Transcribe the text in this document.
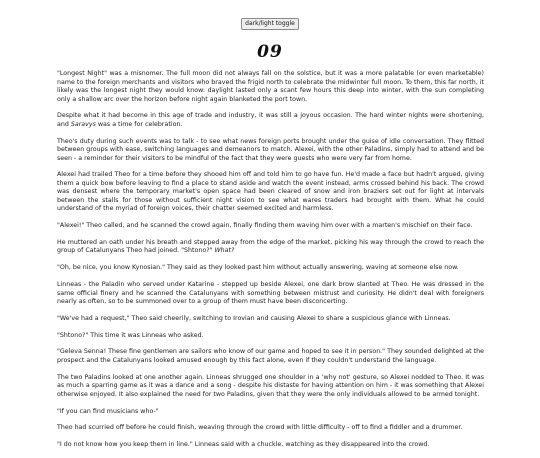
dark/light toggle
09

"Longest Night" was a misnomer. The full moon did not always fall on the solstice, but it was a more palatable (or even marketable) name to the foreign merchants and visitors who braved the frigid north to celebrate the midwinter full moon. To them, this far north, it likely was the longest night they would know: daylight lasted only a scant few hours this deep into winter, with the sun completing only a shallow arc over the horizon before night again blanketed the port town.

Despite what it had become in this age of trade and industry, it was still a joyous occasion. The hard winter nights were shortening, and Saravys was a time for celebration.

Theo's duty during such events was to talk - to see what news foreign ports brought under the guise of idle conversation. They flitted between groups with ease, switching languages and demeanors to match. Alexei, with the other Paladins, simply had to attend and be seen - a reminder for their visitors to be mindful of the fact that they were guests who were very far from home.

Alexei had trailed Theo for a time before they shooed him off and told him to go have fun. He'd made a face but hadn't argued, giving them a quick bow before leaving to find a place to stand aside and watch the event instead, arms crossed behind his back. The crowd was densest where the temporary market's open space had been cleared of snow and iron braziers set out for light at intervals between the stalls for those without sufficient night vision to see what wares traders had brought with them. What he could understand of the myriad of foreign voices, their chatter seemed excited and harmless.

"Alexei!" Theo called, and he scanned the crowd again, finally finding them waving him over with a marten's mischief on their face.

He muttered an oath under his breath and stepped away from the edge of the market, picking his way through the crowd to reach the group of Catalunyans Theo had joined. "Shtono?" What?

"Oh, be nice, you know Kynosian." They said as they looked past him without actually answering, waving at someone else now.

Linneas - the Paladin who served under Katarine - stepped up beside Alexei, one dark brow slanted at Theo. He was dressed in the same official finery and he scanned the Catalunyans with something between mistrust and curiosity. He didn't deal with foreigners nearly as often, so to be summoned over to a group of them must have been disconcerting.

"We've had a request," Theo said cheerily, switching to Irovian and causing Alexei to share a suspicious glance with Linneas.

"Shtono?" This time it was Linneas who asked.

"Geleva Senna! These fine gentlemen are sailors who know of our game and hoped to see it in person." They sounded delighted at the prospect and the Catalunyans looked amused enough by this fact alone, even if they couldn't understand the language.

The two Paladins looked at one another again. Linneas shrugged one shoulder in a 'why not' gesture, so Alexei nodded to Theo. It was as much a sparring game as it was a dance and a song - despite his distaste for having attention on him - it was something that Alexei otherwise enjoyed. It also explained the need for two Paladins, given that they were the only individuals allowed to be armed tonight.

"If you can find musicians who-"

Theo had scurried off before he could finish, weaving through the crowd with little difficulty - off to find a fiddler and a drummer.

"I do not know how you keep them in line." Linneas said with a chuckle, watching as they disappeared into the crowd.
